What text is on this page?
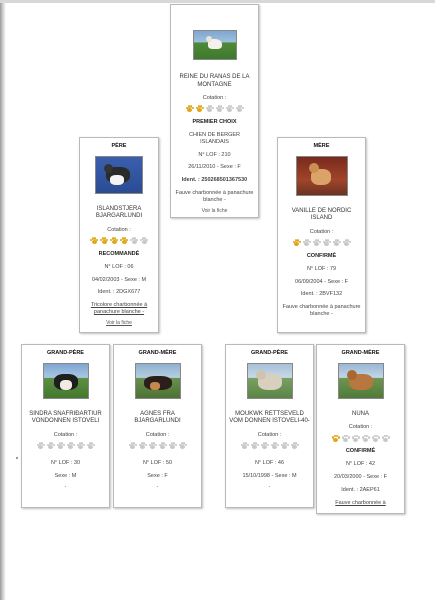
REINE DU RANAS DE LA MONTAGNE
Cotation :
PREMIER CHOIX
CHIEN DE BERGER ISLANDAIS
N° LOF : 210
26/11/2010 - Sexe : F
Ident. : 250268501367530
Fauve charbonnée à panachure blanche -
Voir la fiche
PÈRE
ISLANDSTJERA BJARGARLUNDI
Cotation :
RECOMMANDÉ
N° LOF : 06
04/02/2003 - Sexe : M
Ident. : 2DGX677
Tricolore charbonnée à panachure blanche -
Voir la fiche
MÈRE
VANILLE DE NORDIC ISLAND
Cotation :
CONFIRMÉ
N° LOF : 79
06/09/2004 - Sexe : F
Ident. : 2BVF132
Fauve charbonnée à panachure blanche -
GRAND-PÈRE
SINDRA SNAFRIÐARTIUR VONDONNEN ISTOVELI
Cotation :
N° LOF : 30
Sexe : M
-
GRAND-MÈRE
AGNES FRA BJARGARLUNDI
Cotation :
N° LOF : 50
Sexe : F
-
GRAND-PÈRE
MOUKWK RETTSEVELD VOM DONNEN ISTOVELI-40-
Cotation :
N° LOF : 46
15/10/1998 - Sexe : M
-
GRAND-MÈRE
NUNA
Cotation :
CONFIRMÉ
N° LOF : 42
20/03/2000 - Sexe : F
Ident. : 2AEP61
Fauve charbonnée à
